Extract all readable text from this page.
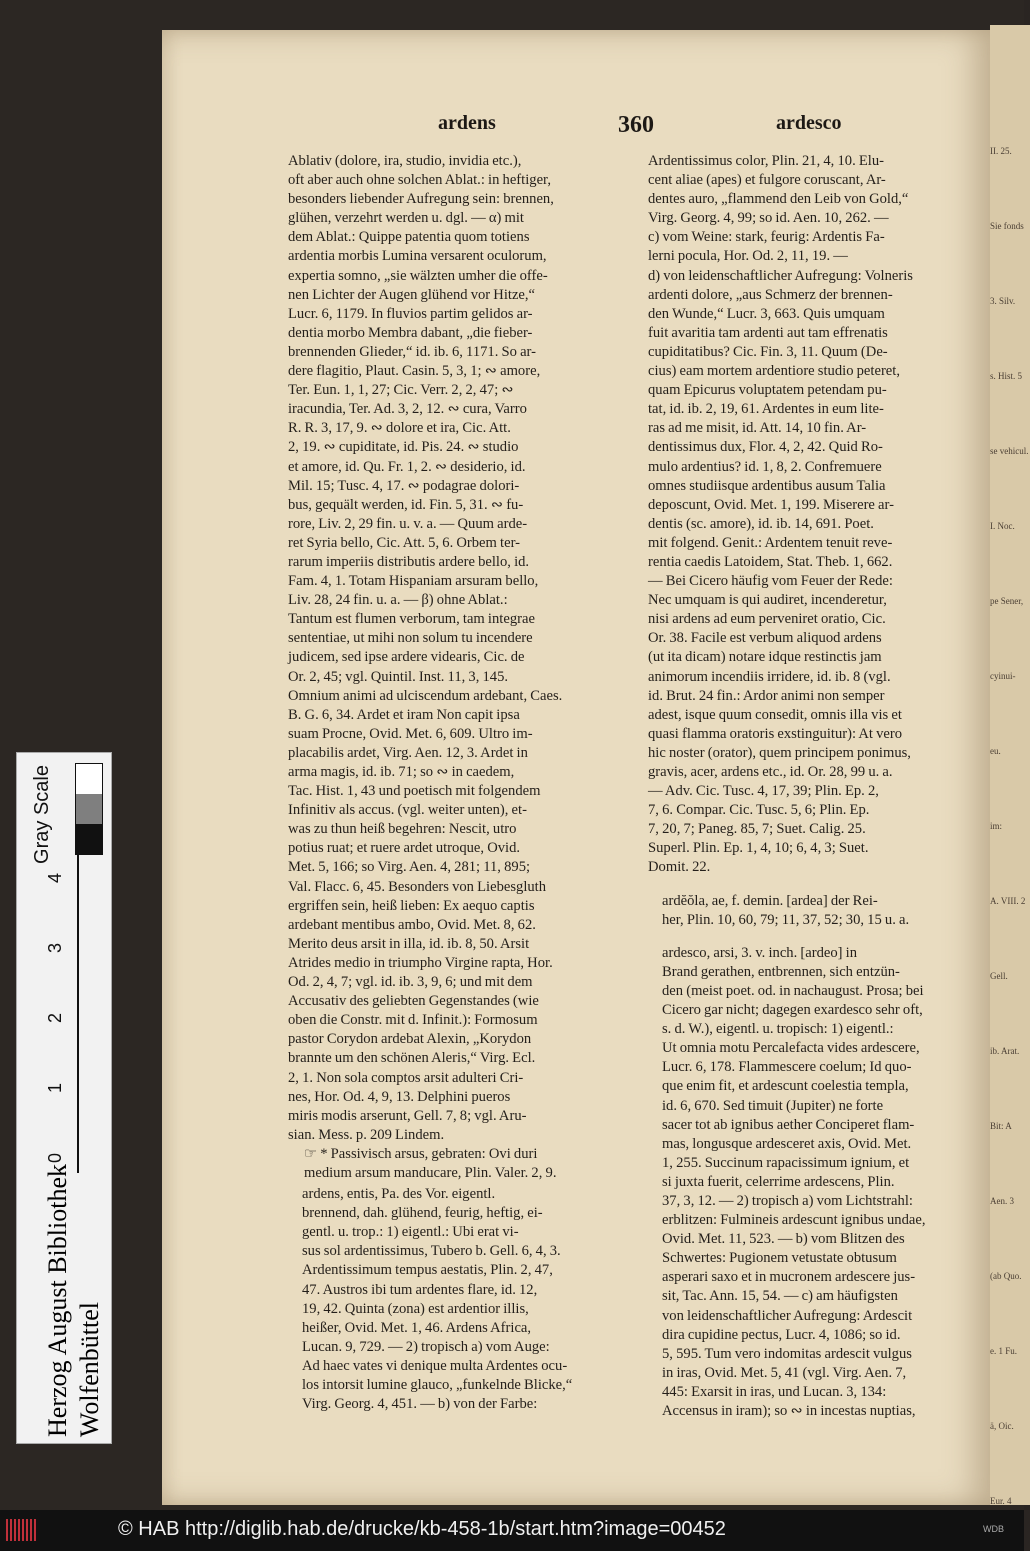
ardens	360	ardesco

Ablativ (dolore, ira, studio, invidia etc.),
oft aber auch ohne solchen Ablat.: in heftiger,
besonders liebender Aufregung sein: brennen,
glühen, verzehrt werden u. dgl. — α) mit
dem Ablat.: Quippe patentia quom totiens
ardentia morbis Lumina versarent oculorum,
expertia somno, „sie wälzten umher die offe-
nen Lichter der Augen glühend vor Hitze,“
Lucr. 6, 1179. In fluvios partim gelidos ar-
dentia morbo Membra dabant, „die fieber-
brennenden Glieder,“ id. ib. 6, 1171. So ar-
dere flagitio, Plaut. Casin. 5, 3, 1; ∾ amore,
Ter. Eun. 1, 1, 27; Cic. Verr. 2, 2, 47; ∾
iracundia, Ter. Ad. 3, 2, 12. ∾ cura, Varro
R. R. 3, 17, 9. ∾ dolore et ira, Cic. Att.
2, 19. ∾ cupiditate, id. Pis. 24. ∾ studio
et amore, id. Qu. Fr. 1, 2. ∾ desiderio, id.
Mil. 15; Tusc. 4, 17. ∾ podagrae dolori-
bus, gequält werden, id. Fin. 5, 31. ∾ fu-
rore, Liv. 2, 29 fin. u. v. a. — Quum arde-
ret Syria bello, Cic. Att. 5, 6. Orbem ter-
rarum imperiis distributis ardere bello, id.
Fam. 4, 1. Totam Hispaniam arsuram bello,
Liv. 28, 24 fin. u. a. — β) ohne Ablat.:
Tantum est flumen verborum, tam integrae
sententiae, ut mihi non solum tu incendere
judicem, sed ipse ardere videaris, Cic. de
Or. 2, 45; vgl. Quintil. Inst. 11, 3, 145.
Omnium animi ad ulciscendum ardebant, Caes.
B. G. 6, 34. Ardet et iram Non capit ipsa
suam Procne, Ovid. Met. 6, 609. Ultro im-
placabilis ardet, Virg. Aen. 12, 3. Ardet in
arma magis, id. ib. 71; so ∾ in caedem,
Tac. Hist. 1, 43 und poetisch mit folgendem
Infinitiv als accus. (vgl. weiter unten), et-
was zu thun heiß begehren: Nescit, utro
potius ruat; et ruere ardet utroque, Ovid.
Met. 5, 166; so Virg. Aen. 4, 281; 11, 895;
Val. Flacc. 6, 45. Besonders von Liebesgluth
ergriffen sein, heiß lieben: Ex aequo captis
ardebant mentibus ambo, Ovid. Met. 8, 62.
Merito deus arsit in illa, id. ib. 8, 50. Arsit
Atrides medio in triumpho Virgine rapta, Hor.
Od. 2, 4, 7; vgl. id. ib. 3, 9, 6; und mit dem
Accusativ des geliebten Gegenstandes (wie
oben die Constr. mit d. Infinit.): Formosum
pastor Corydon ardebat Alexin, „Korydon
brannte um den schönen Aleris,“ Virg. Ecl.
2, 1. Non sola comptos arsit adulteri Cri-
nes, Hor. Od. 4, 9, 13. Delphini pueros
miris modis arserunt, Gell. 7, 8; vgl. Aru-
sian. Mess. p. 209 Lindem.

☞ * Passivisch arsus, gebraten: Ovi duri
medium arsum manducare, Plin. Valer. 2, 9.

ardens, entis, Pa. des Vor. eigentl.
brennend, dah. glühend, feurig, heftig, ei-
gentl. u. trop.: 1) eigentl.: Ubi erat vi-
sus sol ardentissimus, Tubero b. Gell. 6, 4, 3.
Ardentissimum tempus aestatis, Plin. 2, 47,
47. Austros ibi tum ardentes flare, id. 12,
19, 42. Quinta (zona) est ardentior illis,
heißer, Ovid. Met. 1, 46. Ardens Africa,
Lucan. 9, 729. — 2) tropisch a) vom Auge:
Ad haec vates vi denique multa Ardentes ocu-
los intorsit lumine glauco, „funkelnde Blicke,“
Virg. Georg. 4, 451. — b) von der Farbe:

Ardentissimus color, Plin. 21, 4, 10. Elu-
cent aliae (apes) et fulgore coruscant, Ar-
dentes auro, „flammend den Leib von Gold,“
Virg. Georg. 4, 99; so id. Aen. 10, 262. —
c) vom Weine: stark, feurig: Ardentis Fa-
lerni pocula, Hor. Od. 2, 11, 19. —
d) von leidenschaftlicher Aufregung: Volneris
ardenti dolore, „aus Schmerz der brennen-
den Wunde,“ Lucr. 3, 663. Quis umquam
fuit avaritia tam ardenti aut tam effrenatis
cupiditatibus? Cic. Fin. 3, 11. Quum (De-
cius) eam mortem ardentiore studio peteret,
quam Epicurus voluptatem petendam pu-
tat, id. ib. 2, 19, 61. Ardentes in eum lite-
ras ad me misit, id. Att. 14, 10 fin. Ar-
dentissimus dux, Flor. 4, 2, 42. Quid Ro-
mulo ardentius? id. 1, 8, 2. Confremuere
omnes studiisque ardentibus ausum Talia
deposcunt, Ovid. Met. 1, 199. Miserere ar-
dentis (sc. amore), id. ib. 14, 691. Poet.
mit folgend. Genit.: Ardentem tenuit reve-
rentia caedis Latoidem, Stat. Theb. 1, 662.
— Bei Cicero häufig vom Feuer der Rede:
Nec umquam is qui audiret, incenderetur,
nisi ardens ad eum perveniret oratio, Cic.
Or. 38. Facile est verbum aliquod ardens
(ut ita dicam) notare idque restinctis jam
animorum incendiis irridere, id. ib. 8 (vgl.
id. Brut. 24 fin.: Ardor animi non semper
adest, isque quum consedit, omnis illa vis et
quasi flamma oratoris exstinguitur): At vero
hic noster (orator), quem principem ponimus,
gravis, acer, ardens etc., id. Or. 28, 99 u. a.
— Adv. Cic. Tusc. 4, 17, 39; Plin. Ep. 2,
7, 6. Compar. Cic. Tusc. 5, 6; Plin. Ep.
7, 20, 7; Paneg. 85, 7; Suet. Calig. 25.
Superl. Plin. Ep. 1, 4, 10; 6, 4, 3; Suet.
Domit. 22.

ardĕŏla, ae, f. demin. [ardea] der Rei-
her, Plin. 10, 60, 79; 11, 37, 52; 30, 15 u. a.

ardesco, arsi, 3. v. inch. [ardeo] in
Brand gerathen, entbrennen, sich entzün-
den (meist poet. od. in nachaugust. Prosa; bei
Cicero gar nicht; dagegen exardesco sehr oft,
s. d. W.), eigentl. u. tropisch: 1) eigentl.:
Ut omnia motu Percalefacta vides ardescere,
Lucr. 6, 178. Flammescere coelum; Id quo-
que enim fit, et ardescunt coelestia templa,
id. 6, 670. Sed timuit (Jupiter) ne forte
sacer tot ab ignibus aether Conciperet flam-
mas, longusque ardesceret axis, Ovid. Met.
1, 255. Succinum rapacissimum ignium, et
si juxta fuerit, celerrime ardescens, Plin.
37, 3, 12. — 2) tropisch a) vom Lichtstrahl:
erblitzen: Fulmineis ardescunt ignibus undae,
Ovid. Met. 11, 523. — b) vom Blitzen des
Schwertes: Pugionem vetustate obtusum
asperari saxo et in mucronem ardescere jus-
sit, Tac. Ann. 15, 54. — c) am häufigsten
von leidenschaftlicher Aufregung: Ardescit
dira cupidine pectus, Lucr. 4, 1086; so id.
5, 595. Tum vero indomitas ardescit vulgus
in iras, Ovid. Met. 5, 41 (vgl. Virg. Aen. 7,
445: Exarsit in iras, und Lucan. 3, 134:
Accensus in iram); so ∾ in incestas nuptias,

II. 25.
Sie fonds
3. Silv.
s. Hist. 5
se vehicul.
I. Noc.
pe Sener,
cyinui-
eu.
im:
A. VIII. 2
Gell.
ib. Arat.
Bit: A
Aen. 3
(ab Quo.
e. 1 Fu.
ä, Oic.
Eur. 4
Herzog August Bibliothek Wolfenbüttel
Gray Scale
0
1
2
3
4
© HAB http://diglib.hab.de/drucke/kb-458-1b/start.htm?image=00452	WDB
